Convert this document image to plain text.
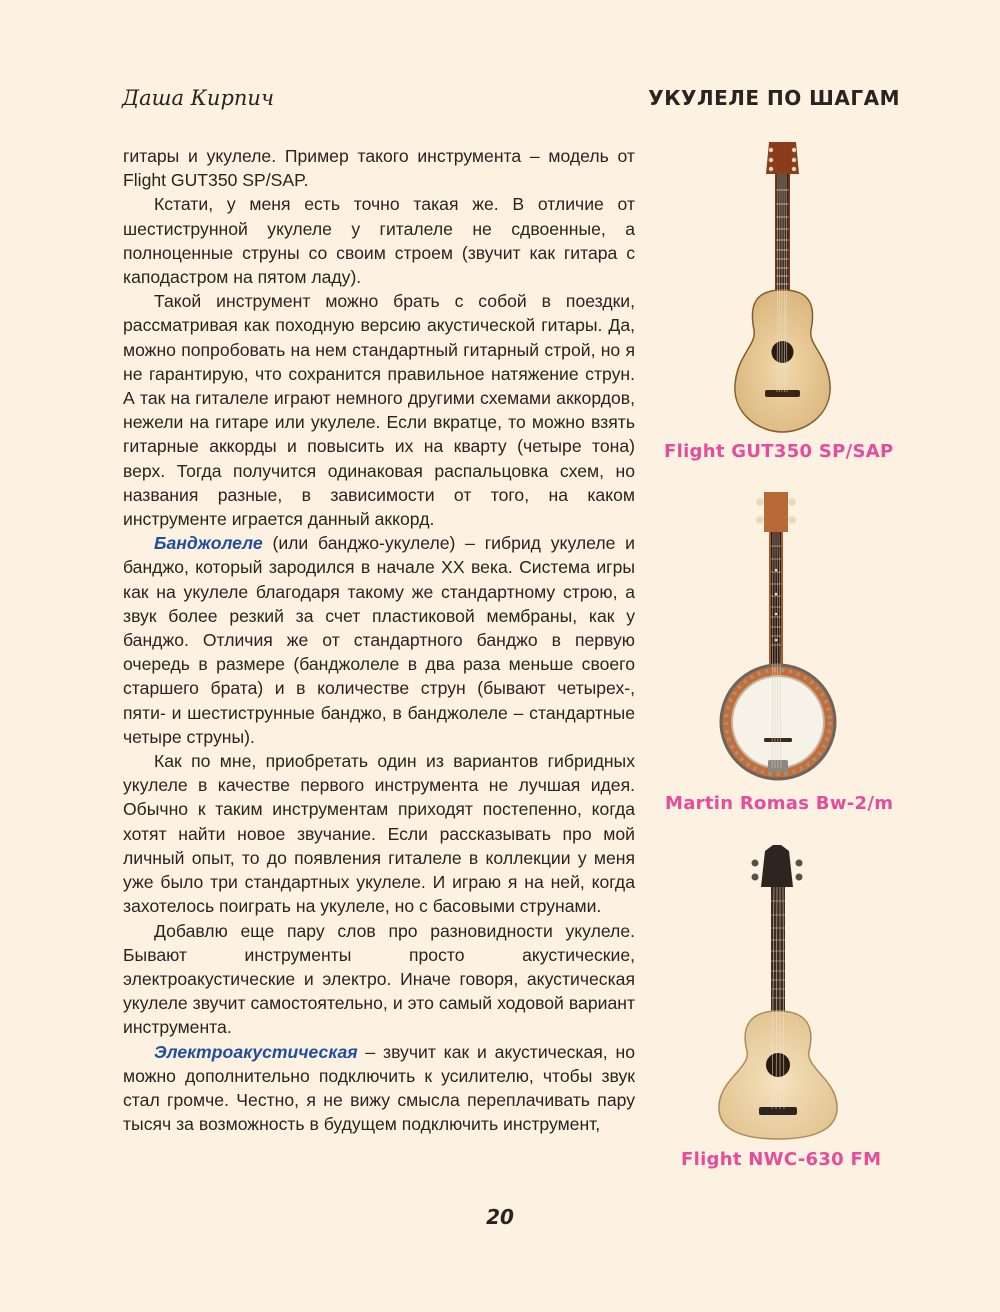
Даша Кирпич	УКУЛЕЛЕ ПО ШАГАМ

гитары и укулеле. Пример такого инструмента – модель от Flight GUT350 SP/SAP.

Кстати, у меня есть точно такая же. В отличие от шестиструнной укулеле у гиталеле не сдвоенные, а полноценные струны со своим строем (звучит как гитара с каподастром на пятом ладу).

Такой инструмент можно брать с собой в поездки, рассматривая как походную версию акустической гитары. Да, можно попробовать на нем стандартный гитарный строй, но я не гарантирую, что сохранится правильное натяжение струн. А так на гиталеле играют немного другими схемами аккордов, нежели на гитаре или укулеле. Если вкратце, то можно взять гитарные аккорды и повысить их на кварту (четыре тона) верх. Тогда получится одинаковая распальцовка схем, но названия разные, в зависимости от того, на каком инструменте играется данный аккорд.

Банджолеле (или банджо-укулеле) – гибрид укулеле и банджо, который зародился в начале XX века. Система игры как на укулеле благодаря такому же стандартному строю, а звук более резкий за счет пластиковой мембраны, как у банджо. Отличия же от стандартного банджо в первую очередь в размере (банджолеле в два раза меньше своего старшего брата) и в количестве струн (бывают четырех-, пяти- и шестиструнные банджо, в банджолеле – стандартные четыре струны).

Как по мне, приобретать один из вариантов гибридных укулеле в качестве первого инструмента не лучшая идея. Обычно к таким инструментам приходят постепенно, когда хотят найти новое звучание. Если рассказывать про мой личный опыт, то до появления гиталеле в коллекции у меня уже было три стандартных укулеле. И играю я на ней, когда захотелось поиграть на укулеле, но с басовыми струнами.

Добавлю еще пару слов про разновидности укулеле. Бывают инструменты просто акустические, электроакустические и электро. Иначе говоря, акустическая укулеле звучит самостоятельно, и это самый ходовой вариант инструмента.

Электроакустическая – звучит как и акустическая, но можно дополнительно подключить к усилителю, чтобы звук стал громче. Честно, я не вижу смысла переплачивать пару тысяч за возможность в будущем подключить инструмент,

Flight GUT350 SP/SAP
Martin Romas Bw-2/m
Flight NWC-630 FM
20
